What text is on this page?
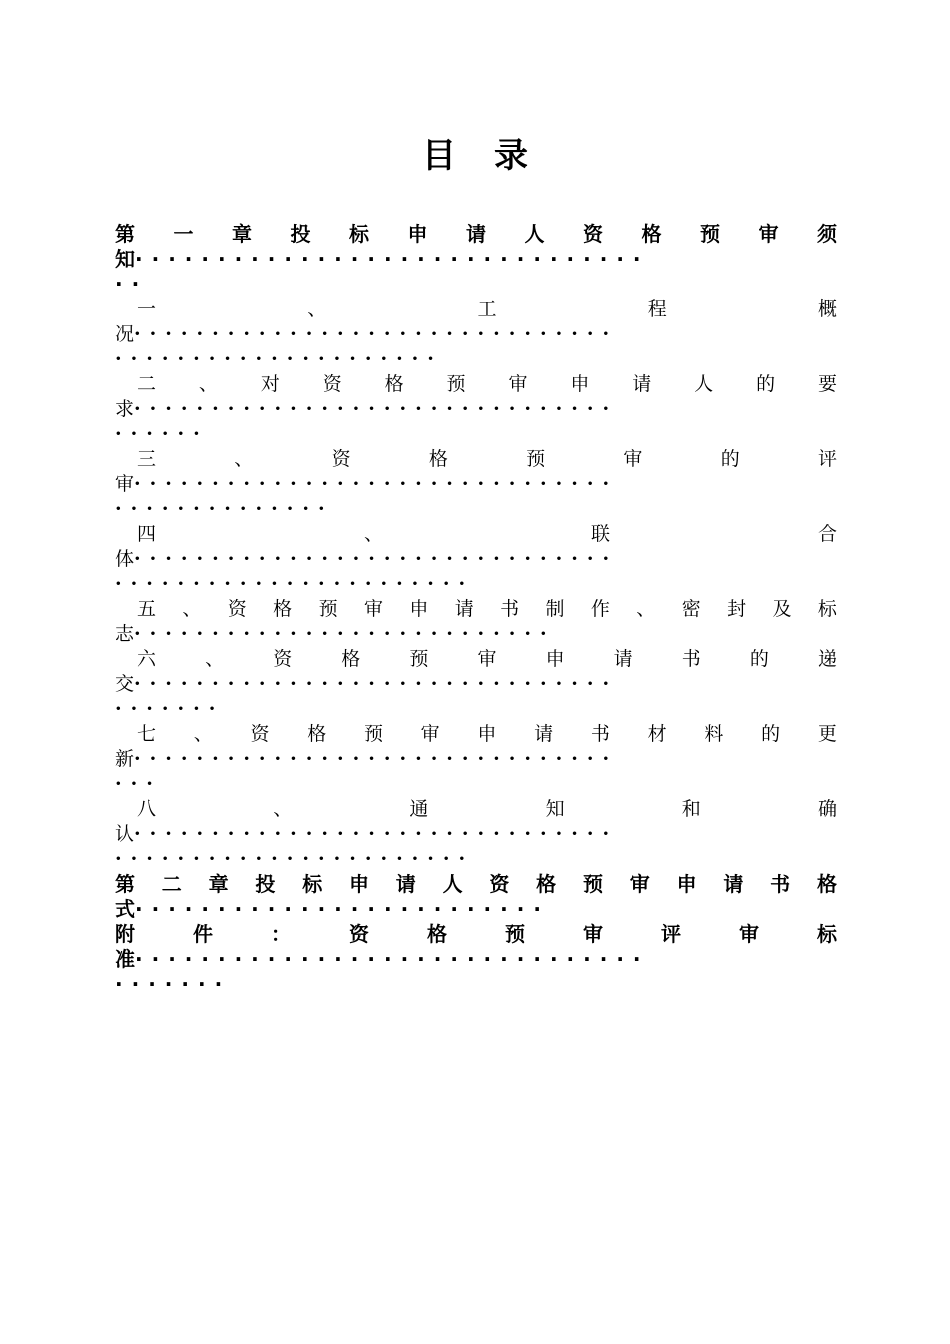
目录
第 一 章 投 标 申 请 人 资 格 预 审 须
知·······························
··
一	、	工	程	概
况·······························
·····················
二 、 对 资 格 预 审 申 请 人 的 要
求·······························
······
三	、	资	格	预	审	的	评
审·······························
··············
四	、	联	合
体·······························
·······················
五 、 资 格 预 审 申 请 书 制 作 、 密 封 及 标
志···························
六	、	资	格	预	审	申	请	书	的	递
交·······························
·······
七 、 资 格 预 审 申 请 书 材 料 的 更
新·······························
···
八	、	通	知	和	确
认·······························
·······················
第 二 章 投 标 申 请 人 资 格 预 审 申 请 书 格
式·························
附	件	：	资	格	预	审	评	审	标
准·······························
·······
